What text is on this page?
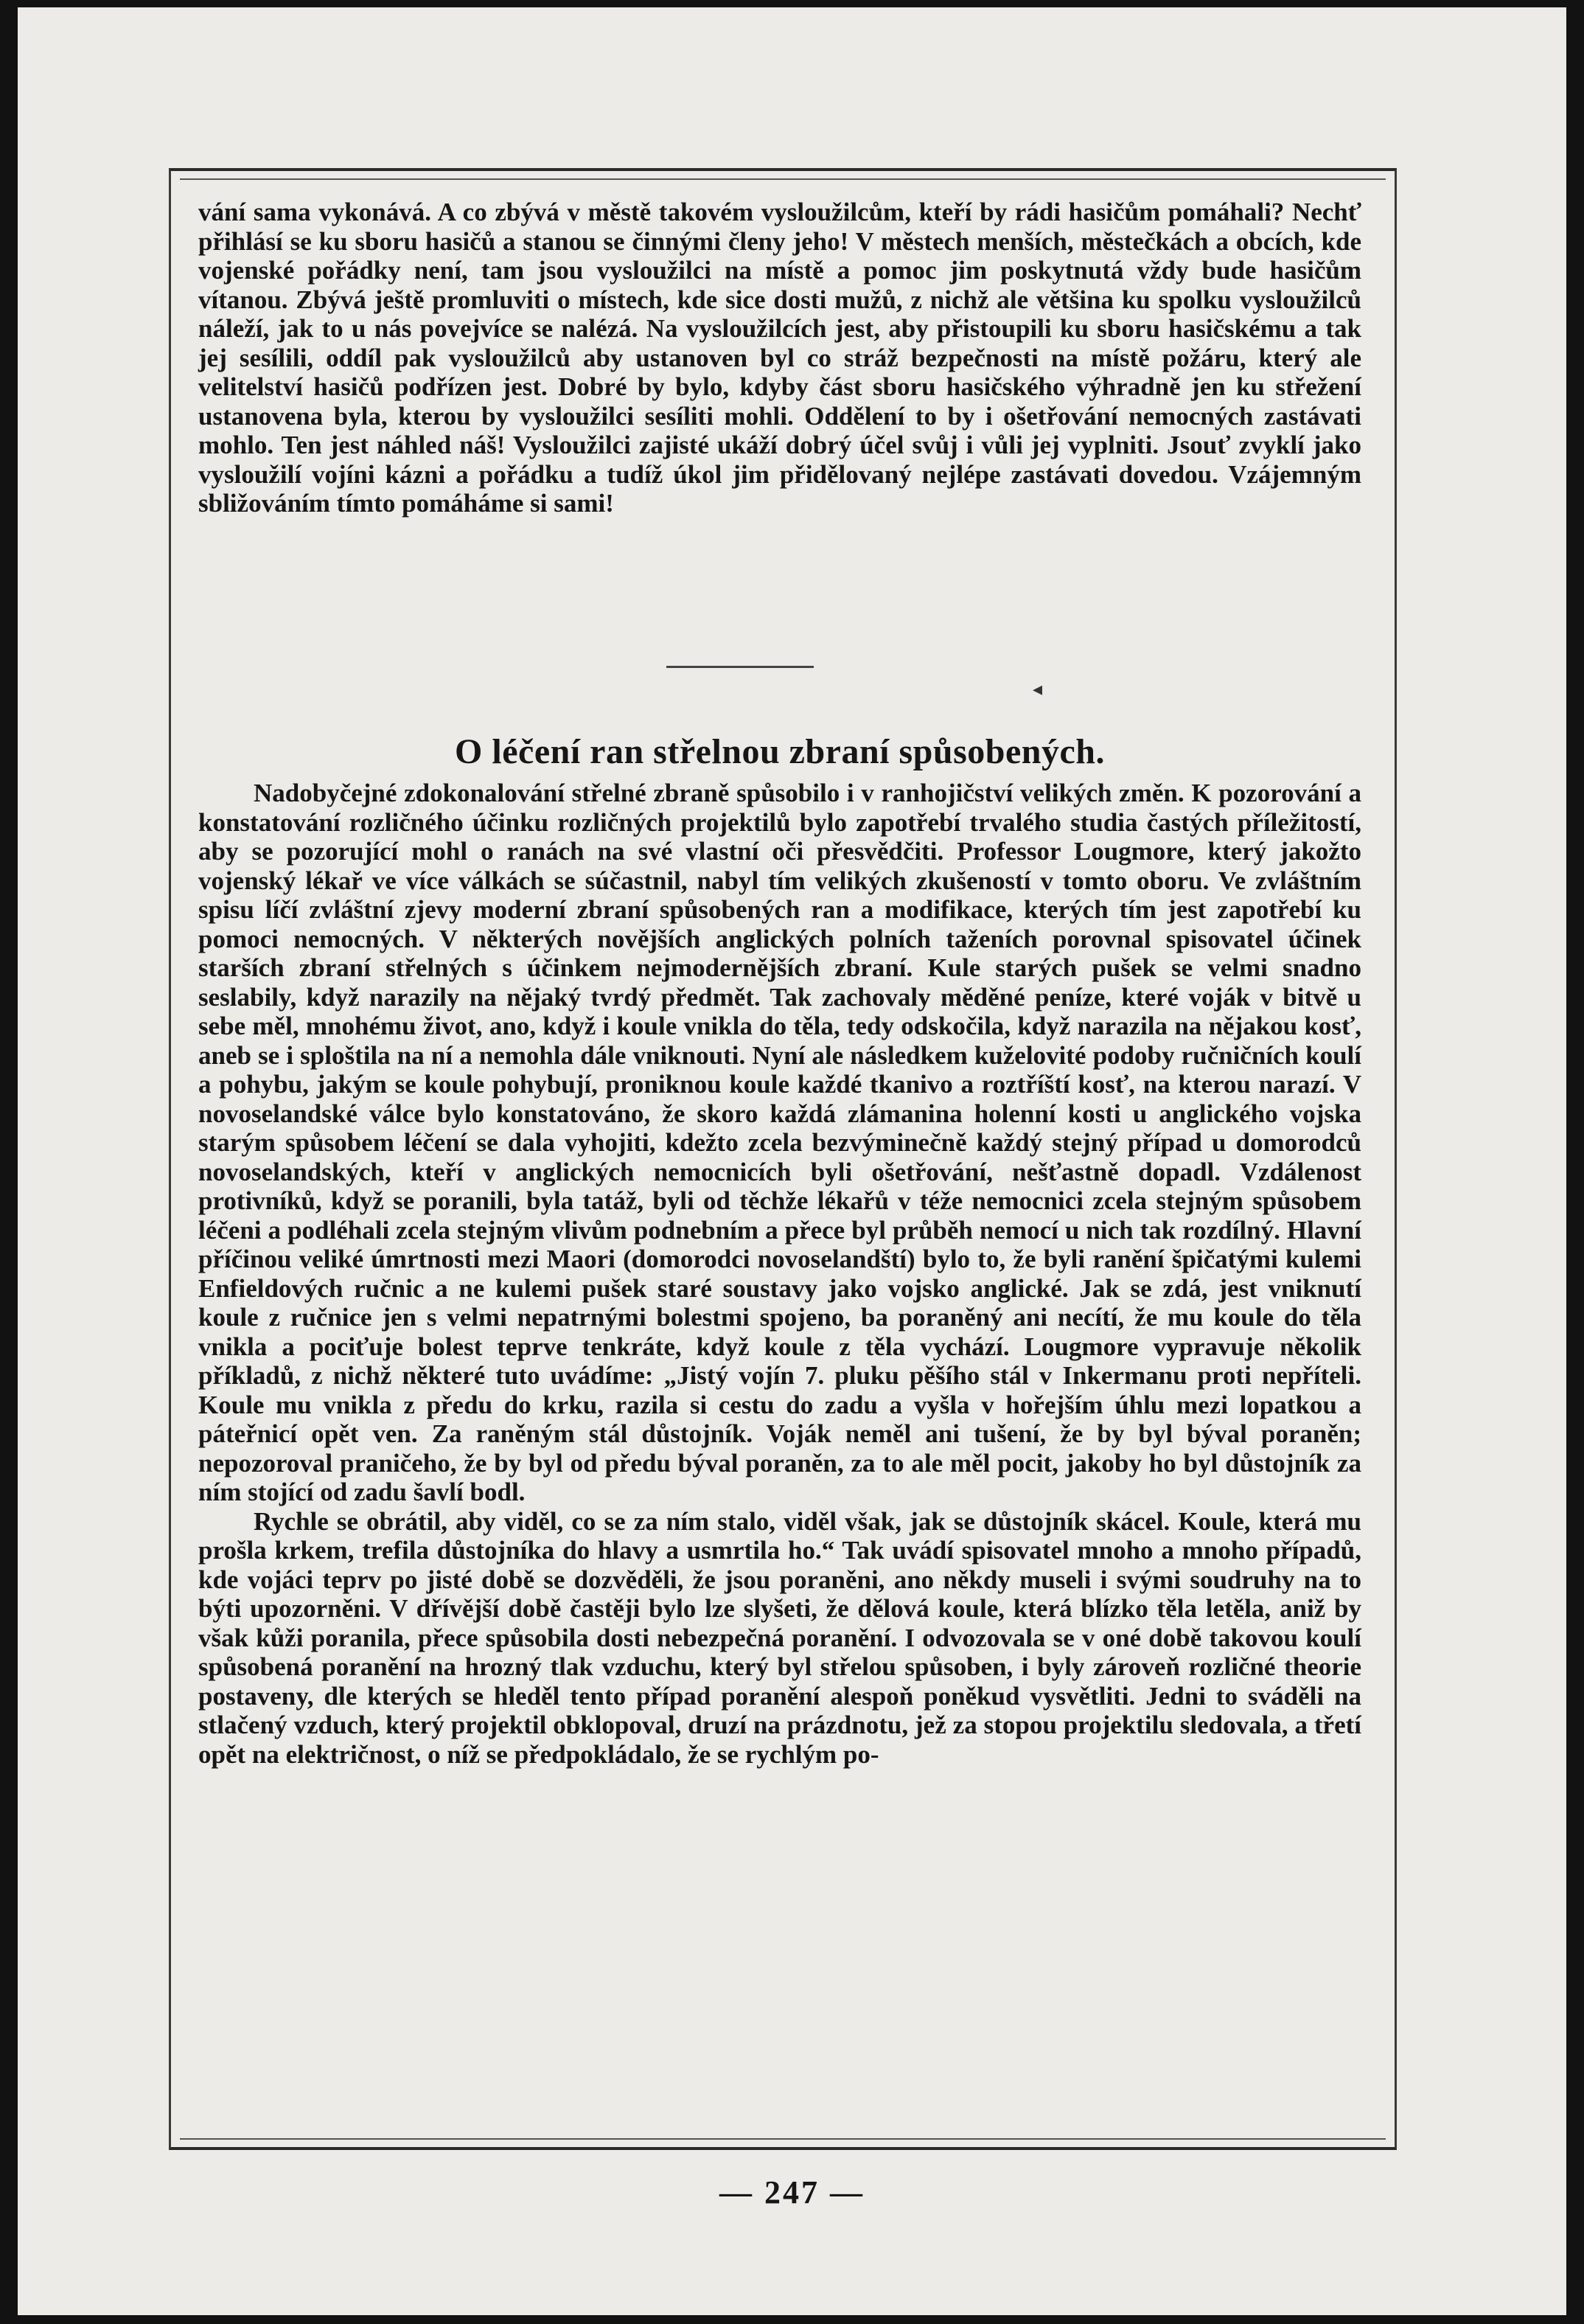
vání sama vykonává. A co zbývá v městě takovém vysloužilcům, kteří by rádi hasičům pomáhali? Nechť přihlásí se ku sboru hasičů a stanou se činnými členy jeho! V městech menších, městečkách a obcích, kde vojenské pořádky není, tam jsou vysloužilci na místě a pomoc jim poskytnutá vždy bude hasičům vítanou. Zbývá ještě promluviti o místech, kde sice dosti mužů, z nichž ale většina ku spolku vysloužilců náleží, jak to u nás povejvíce se nalézá. Na vysloužilcích jest, aby přistoupili ku sboru hasičskému a tak jej sesílili, oddíl pak vysloužilců aby ustanoven byl co stráž bezpečnosti na místě požáru, který ale velitelství hasičů podřízen jest. Dobré by bylo, kdyby část sboru hasičského výhradně jen ku střežení ustanovena byla, kterou by vysloužilci sesíliti mohli. Oddělení to by i ošetřování nemocných zastávati mohlo. Ten jest náhled náš! Vysloužilci zajisté ukáží dobrý účel svůj i vůli jej vyplniti. Jsouť zvyklí jako vysloužilí vojíni kázni a pořádku a tudíž úkol jim přidělovaný nejlépe zastávati dovedou. Vzájemným sbližováním tímto pomáháme si sami!

◂
O léčení ran střelnou zbraní spůsobených.

Nadobyčejné zdokonalování střelné zbraně spůsobilo i v ranhojičství velikých změn. K pozorování a konstatování rozličného účinku rozličných projektilů bylo zapotřebí trvalého studia častých příležitostí, aby se pozorující mohl o ranách na své vlastní oči přesvědčiti. Professor Lougmore, který jakožto vojenský lékař ve více válkách se súčastnil, nabyl tím velikých zkušeností v tomto oboru. Ve zvláštním spisu líčí zvláštní zjevy moderní zbraní spůsobených ran a modifikace, kterých tím jest zapotřebí ku pomoci nemocných. V některých novějších anglických polních taženích porovnal spisovatel účinek starších zbraní střelných s účinkem nejmodernějších zbraní. Kule starých pušek se velmi snadno seslabily, když narazily na nějaký tvrdý předmět. Tak zachovaly měděné peníze, které voják v bitvě u sebe měl, mnohému život, ano, když i koule vnikla do těla, tedy odskočila, když narazila na nějakou kosť, aneb se i sploštila na ní a nemohla dále vniknouti. Nyní ale následkem kuželovité podoby ručničních koulí a pohybu, jakým se koule pohybují, proniknou koule každé tkanivo a roztříští kosť, na kterou narazí. V novoselandské válce bylo konstatováno, že skoro každá zlámanina holenní kosti u anglického vojska starým spůsobem léčení se dala vyhojiti, kdežto zcela bezvýminečně každý stejný případ u domorodců novoselandských, kteří v anglických nemocnicích byli ošetřování, nešťastně dopadl. Vzdálenost protivníků, když se poranili, byla tatáž, byli od těchže lékařů v téže nemocnici zcela stejným spůsobem léčeni a podléhali zcela stejným vlivům podnebním a přece byl průběh nemocí u nich tak rozdílný. Hlavní příčinou veliké úmrtnosti mezi Maori (domorodci novoselandští) bylo to, že byli ranění špičatými kulemi Enfieldových ručnic a ne kulemi pušek staré soustavy jako vojsko anglické. Jak se zdá, jest vniknutí koule z ručnice jen s velmi nepatrnými bolestmi spojeno, ba poraněný ani necítí, že mu koule do těla vnikla a pociťuje bolest teprve tenkráte, když koule z těla vychází. Lougmore vypravuje několik příkladů, z nichž některé tuto uvádíme: „Jistý vojín 7. pluku pěšího stál v Inkermanu proti nepříteli. Koule mu vnikla z předu do krku, razila si cestu do zadu a vyšla v hořejším úhlu mezi lopatkou a páteřnicí opět ven. Za raněným stál důstojník. Voják neměl ani tušení, že by byl býval poraněn; nepozoroval praničeho, že by byl od předu býval poraněn, za to ale měl pocit, jakoby ho byl důstojník za ním stojící od zadu šavlí bodl.

Rychle se obrátil, aby viděl, co se za ním stalo, viděl však, jak se důstojník skácel. Koule, která mu prošla krkem, trefila důstojníka do hlavy a usmrtila ho.“ Tak uvádí spisovatel mnoho a mnoho případů, kde vojáci teprv po jisté době se dozvěděli, že jsou poraněni, ano někdy museli i svými soudruhy na to býti upozorněni. V dřívější době častěji bylo lze slyšeti, že dělová koule, která blízko těla letěla, aniž by však kůži poranila, přece spůsobila dosti nebezpečná poranění. I odvozovala se v oné době takovou koulí spůsobená poranění na hrozný tlak vzduchu, který byl střelou spůsoben, i byly zároveň rozličné theorie postaveny, dle kterých se hleděl tento případ poranění alespoň poněkud vysvětliti. Jedni to sváděli na stlačený vzduch, který projektil obklopoval, druzí na prázdnotu, jež za stopou projektilu sledovala, a třetí opět na električnost, o níž se předpokládalo, že se rychlým po-

— 247 —
